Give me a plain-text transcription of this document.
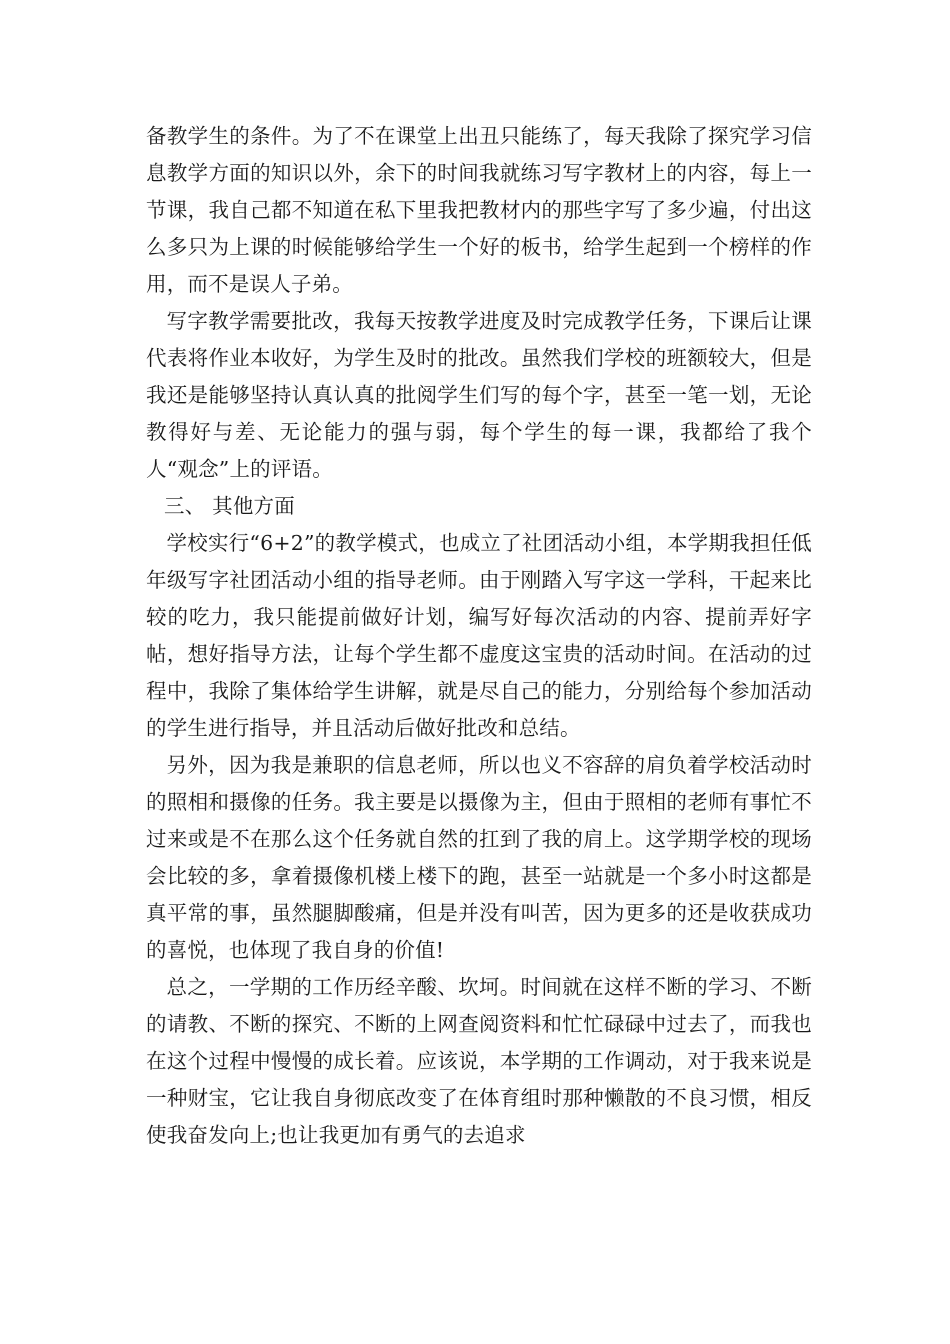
备教学生的条件。为了不在课堂上出丑只能练了，每天我除了探究学习信息教学方面的知识以外，余下的时间我就练习写字教材上的内容，每上一节课，我自己都不知道在私下里我把教材内的那些字写了多少遍，付出这么多只为上课的时候能够给学生一个好的板书，给学生起到一个榜样的作用，而不是误人子弟。

写字教学需要批改，我每天按教学进度及时完成教学任务，下课后让课代表将作业本收好，为学生及时的批改。虽然我们学校的班额较大，但是我还是能够坚持认真认真的批阅学生们写的每个字，甚至一笔一划，无论教得好与差、无论能力的强与弱，每个学生的每一课，我都给了我个人“观念”上的评语。

三、 其他方面

学校实行“6+2”的教学模式，也成立了社团活动小组，本学期我担任低年级写字社团活动小组的指导老师。由于刚踏入写字这一学科，干起来比较的吃力，我只能提前做好计划，编写好每次活动的内容、提前弄好字帖，想好指导方法，让每个学生都不虚度这宝贵的活动时间。在活动的过程中，我除了集体给学生讲解，就是尽自己的能力，分别给每个参加活动的学生进行指导，并且活动后做好批改和总结。

另外，因为我是兼职的信息老师，所以也义不容辞的肩负着学校活动时的照相和摄像的任务。我主要是以摄像为主，但由于照相的老师有事忙不过来或是不在那么这个任务就自然的扛到了我的肩上。这学期学校的现场会比较的多，拿着摄像机楼上楼下的跑，甚至一站就是一个多小时这都是真平常的事，虽然腿脚酸痛，但是并没有叫苦，因为更多的还是收获成功的喜悦，也体现了我自身的价值!

总之，一学期的工作历经辛酸、坎坷。时间就在这样不断的学习、不断的请教、不断的探究、不断的上网查阅资料和忙忙碌碌中过去了，而我也在这个过程中慢慢的成长着。应该说，本学期的工作调动，对于我来说是一种财宝，它让我自身彻底改变了在体育组时那种懒散的不良习惯，相反使我奋发向上;也让我更加有勇气的去追求
